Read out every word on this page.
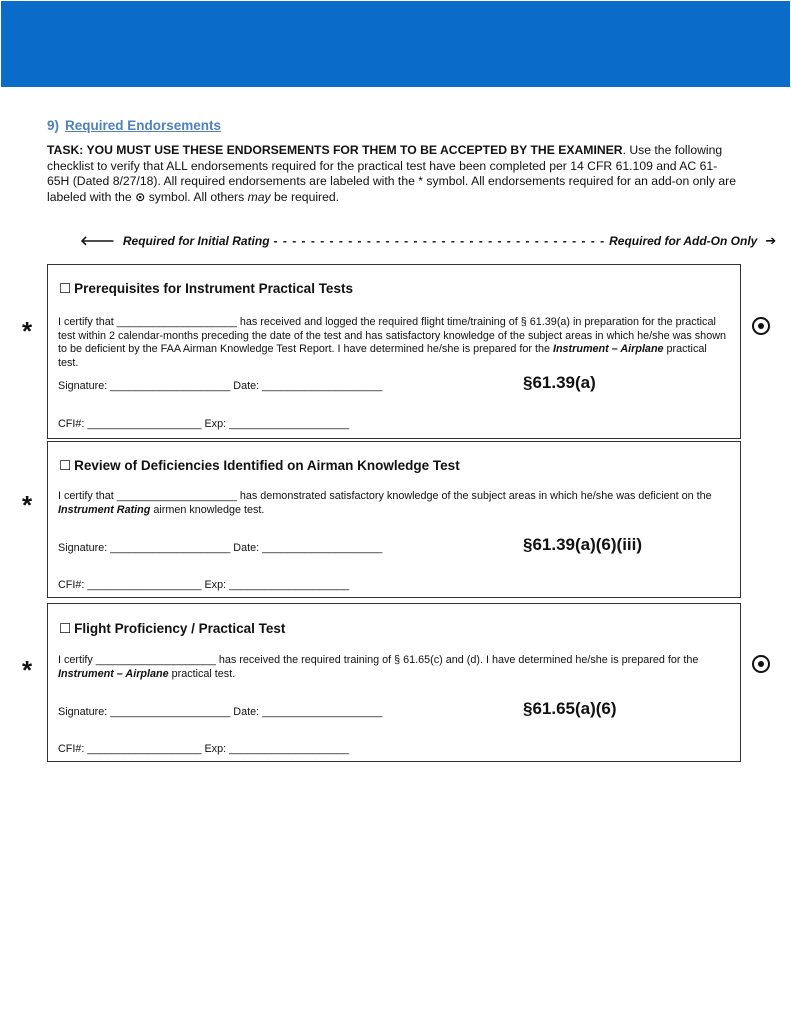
9) Required Endorsements
TASK: YOU MUST USE THESE ENDORSEMENTS FOR THEM TO BE ACCEPTED BY THE EXAMINER. Use the following checklist to verify that ALL endorsements required for the practical test have been completed per 14 CFR 61.109 and AC 61-65H (Dated 8/27/18). All required endorsements are labeled with the * symbol. All endorsements required for an add-on only are labeled with the ⊙ symbol. All others may be required.
🡐 Required for Initial Rating - - - - - - - - - - - - - - - - - - - - - - - - - - - - - - - - - - - - Required for Add-On Only ➔
*
☐ Prerequisites for Instrument Practical Tests
I certify that ____________________ has received and logged the required flight time/training of § 61.39(a) in preparation for the practical test within 2 calendar-months preceding the date of the test and has satisfactory knowledge of the subject areas in which he/she was shown to be deficient by the FAA Airman Knowledge Test Report. I have determined he/she is prepared for the Instrument – Airplane practical test.
Signature: ____________________ Date: ____________________	§61.39(a)
CFI#: ___________________ Exp: ____________________
*
☐ Review of Deficiencies Identified on Airman Knowledge Test
I certify that ____________________ has demonstrated satisfactory knowledge of the subject areas in which he/she was deficient on the Instrument Rating airmen knowledge test.
Signature: ____________________ Date: ____________________	§61.39(a)(6)(iii)
CFI#: ___________________ Exp: ____________________
*
☐ Flight Proficiency / Practical Test
I certify ____________________ has received the required training of § 61.65(c) and (d). I have determined he/she is prepared for the Instrument – Airplane practical test.
Signature: ____________________ Date: ____________________	§61.65(a)(6)
CFI#: ___________________ Exp: ____________________
